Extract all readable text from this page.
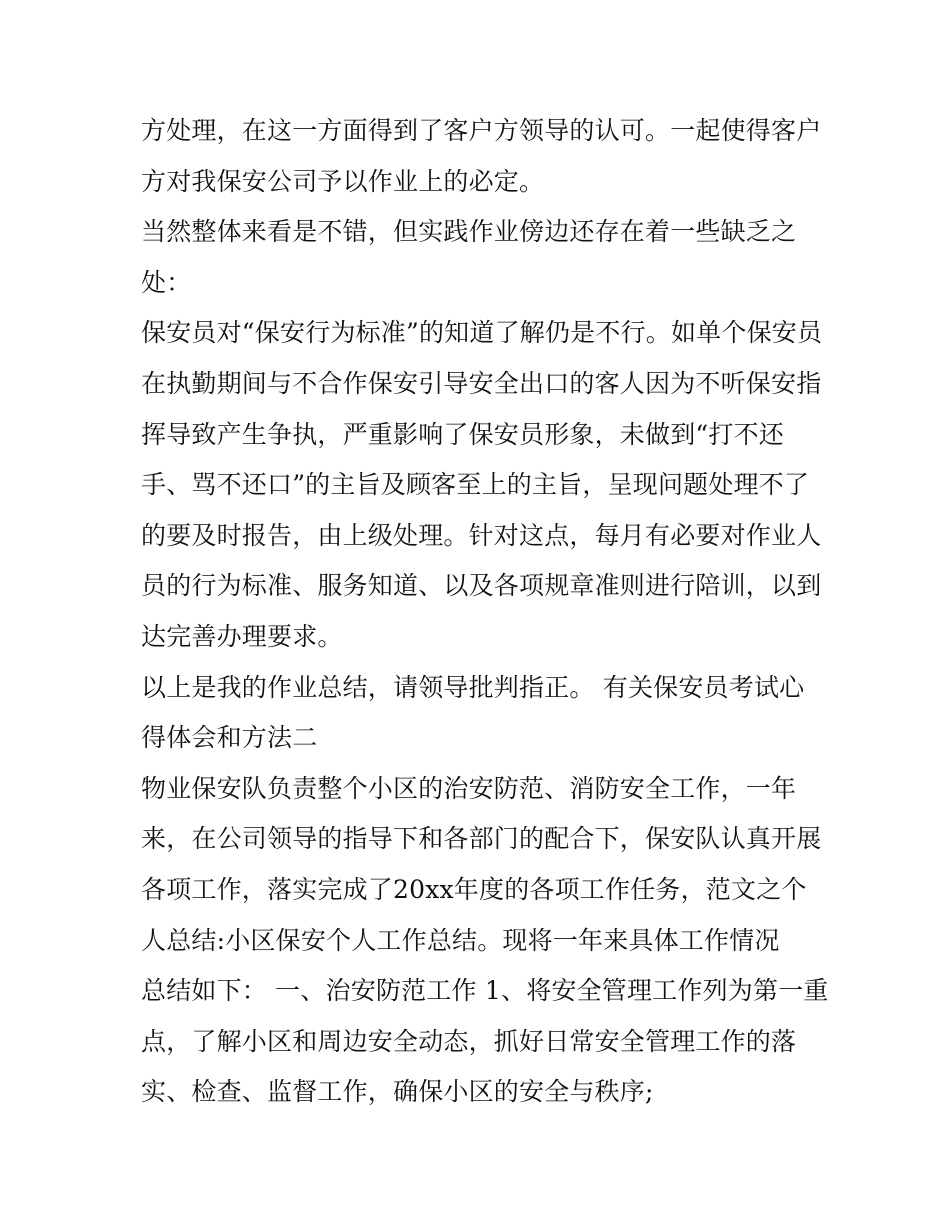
方处理，在这一方面得到了客户方领导的认可。一起使得客户
方对我保安公司予以作业上的必定。
当然整体来看是不错，但实践作业傍边还存在着一些缺乏之
处：
保安员对“保安行为标准”的知道了解仍是不行。如单个保安员
在执勤期间与不合作保安引导安全出口的客人因为不听保安指
挥导致产生争执，严重影响了保安员形象，未做到“打不还
手、骂不还口”的主旨及顾客至上的主旨，呈现问题处理不了
的要及时报告，由上级处理。针对这点，每月有必要对作业人
员的行为标准、服务知道、以及各项规章准则进行陪训，以到
达完善办理要求。
以上是我的作业总结，请领导批判指正。 有关保安员考试心
得体会和方法二
物业保安队负责整个小区的治安防范、消防安全工作，一年
来，在公司领导的指导下和各部门的配合下，保安队认真开展
各项工作，落实完成了20xx年度的各项工作任务，范文之个
人总结:小区保安个人工作总结。现将一年来具体工作情况
总结如下： 一、治安防范工作 1、将安全管理工作列为第一重
点，了解小区和周边安全动态，抓好日常安全管理工作的落
实、检查、监督工作，确保小区的安全与秩序;
